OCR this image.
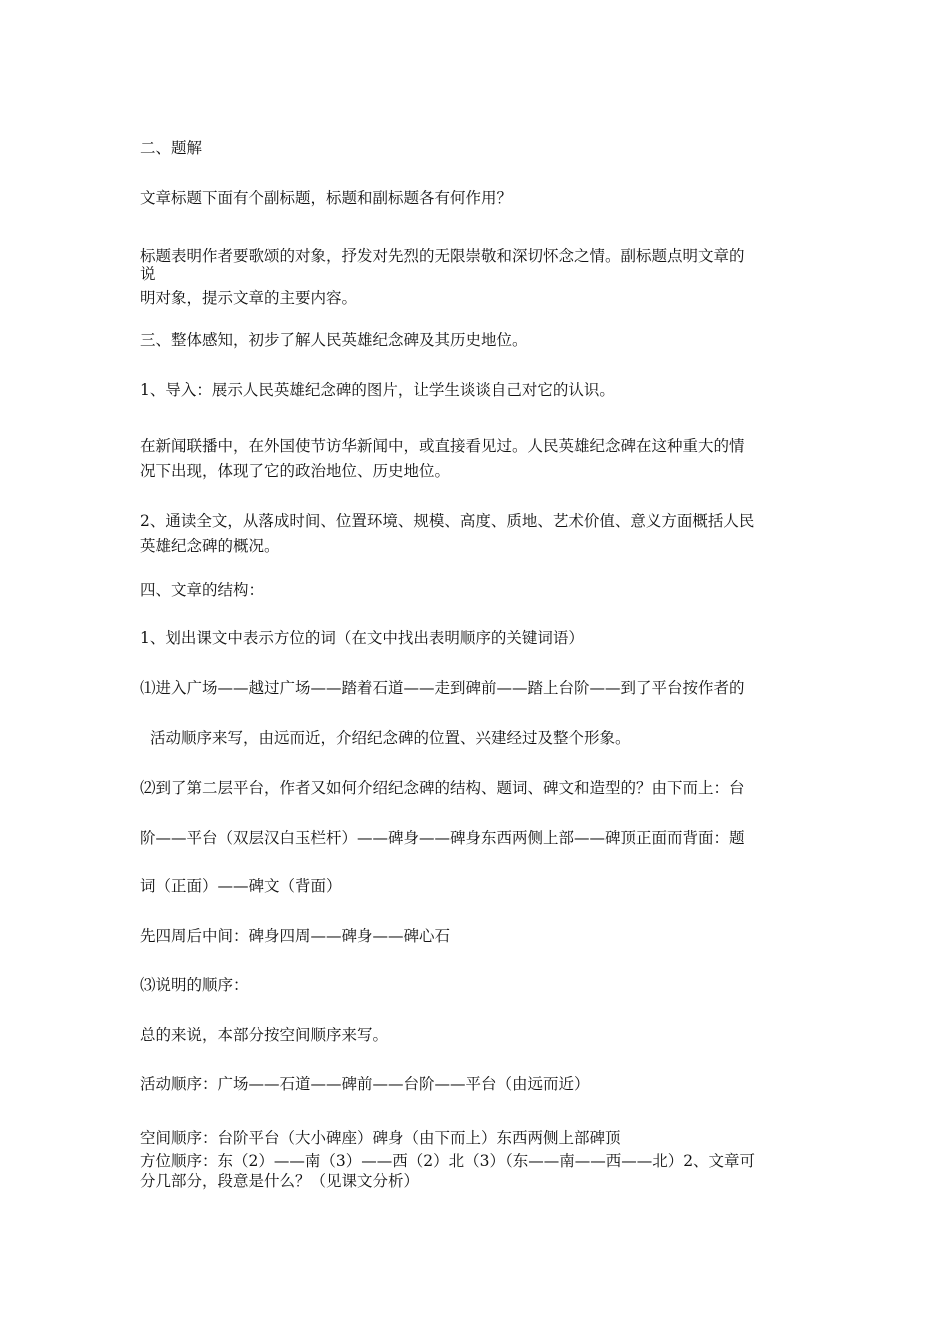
二、题解
文章标题下面有个副标题，标题和副标题各有何作用？
标题表明作者要歌颂的对象，抒发对先烈的无限崇敬和深切怀念之情。副标题点明文章的
说
明对象，提示文章的主要内容。
三、整体感知，初步了解人民英雄纪念碑及其历史地位。
1、导入：展示人民英雄纪念碑的图片，让学生谈谈自己对它的认识。
在新闻联播中，在外国使节访华新闻中，或直接看见过。人民英雄纪念碑在这种重大的情
况下出现，体现了它的政治地位、历史地位。
2、通读全文，从落成时间、位置环境、规模、高度、质地、艺术价值、意义方面概括人民
英雄纪念碑的概况。
四、文章的结构：
1、划出课文中表示方位的词（在文中找出表明顺序的关键词语）
⑴进入广场——越过广场——踏着石道——走到碑前——踏上台阶——到了平台按作者的
活动顺序来写，由远而近，介绍纪念碑的位置、兴建经过及整个形象。
⑵到了第二层平台，作者又如何介绍纪念碑的结构、题词、碑文和造型的？由下而上：台
阶——平台（双层汉白玉栏杆）——碑身——碑身东西两侧上部——碑顶正面而背面：题
词（正面）——碑文（背面）
先四周后中间：碑身四周——碑身——碑心石
⑶说明的顺序：
总的来说，本部分按空间顺序来写。
活动顺序：广场——石道——碑前——台阶——平台（由远而近）
空间顺序：台阶平台（大小碑座）碑身（由下而上）东西两侧上部碑顶
方位顺序：东（2）——南（3）——西（2）北（3）（东——南——西——北）2、文章可
分几部分，段意是什么？（见课文分析）
